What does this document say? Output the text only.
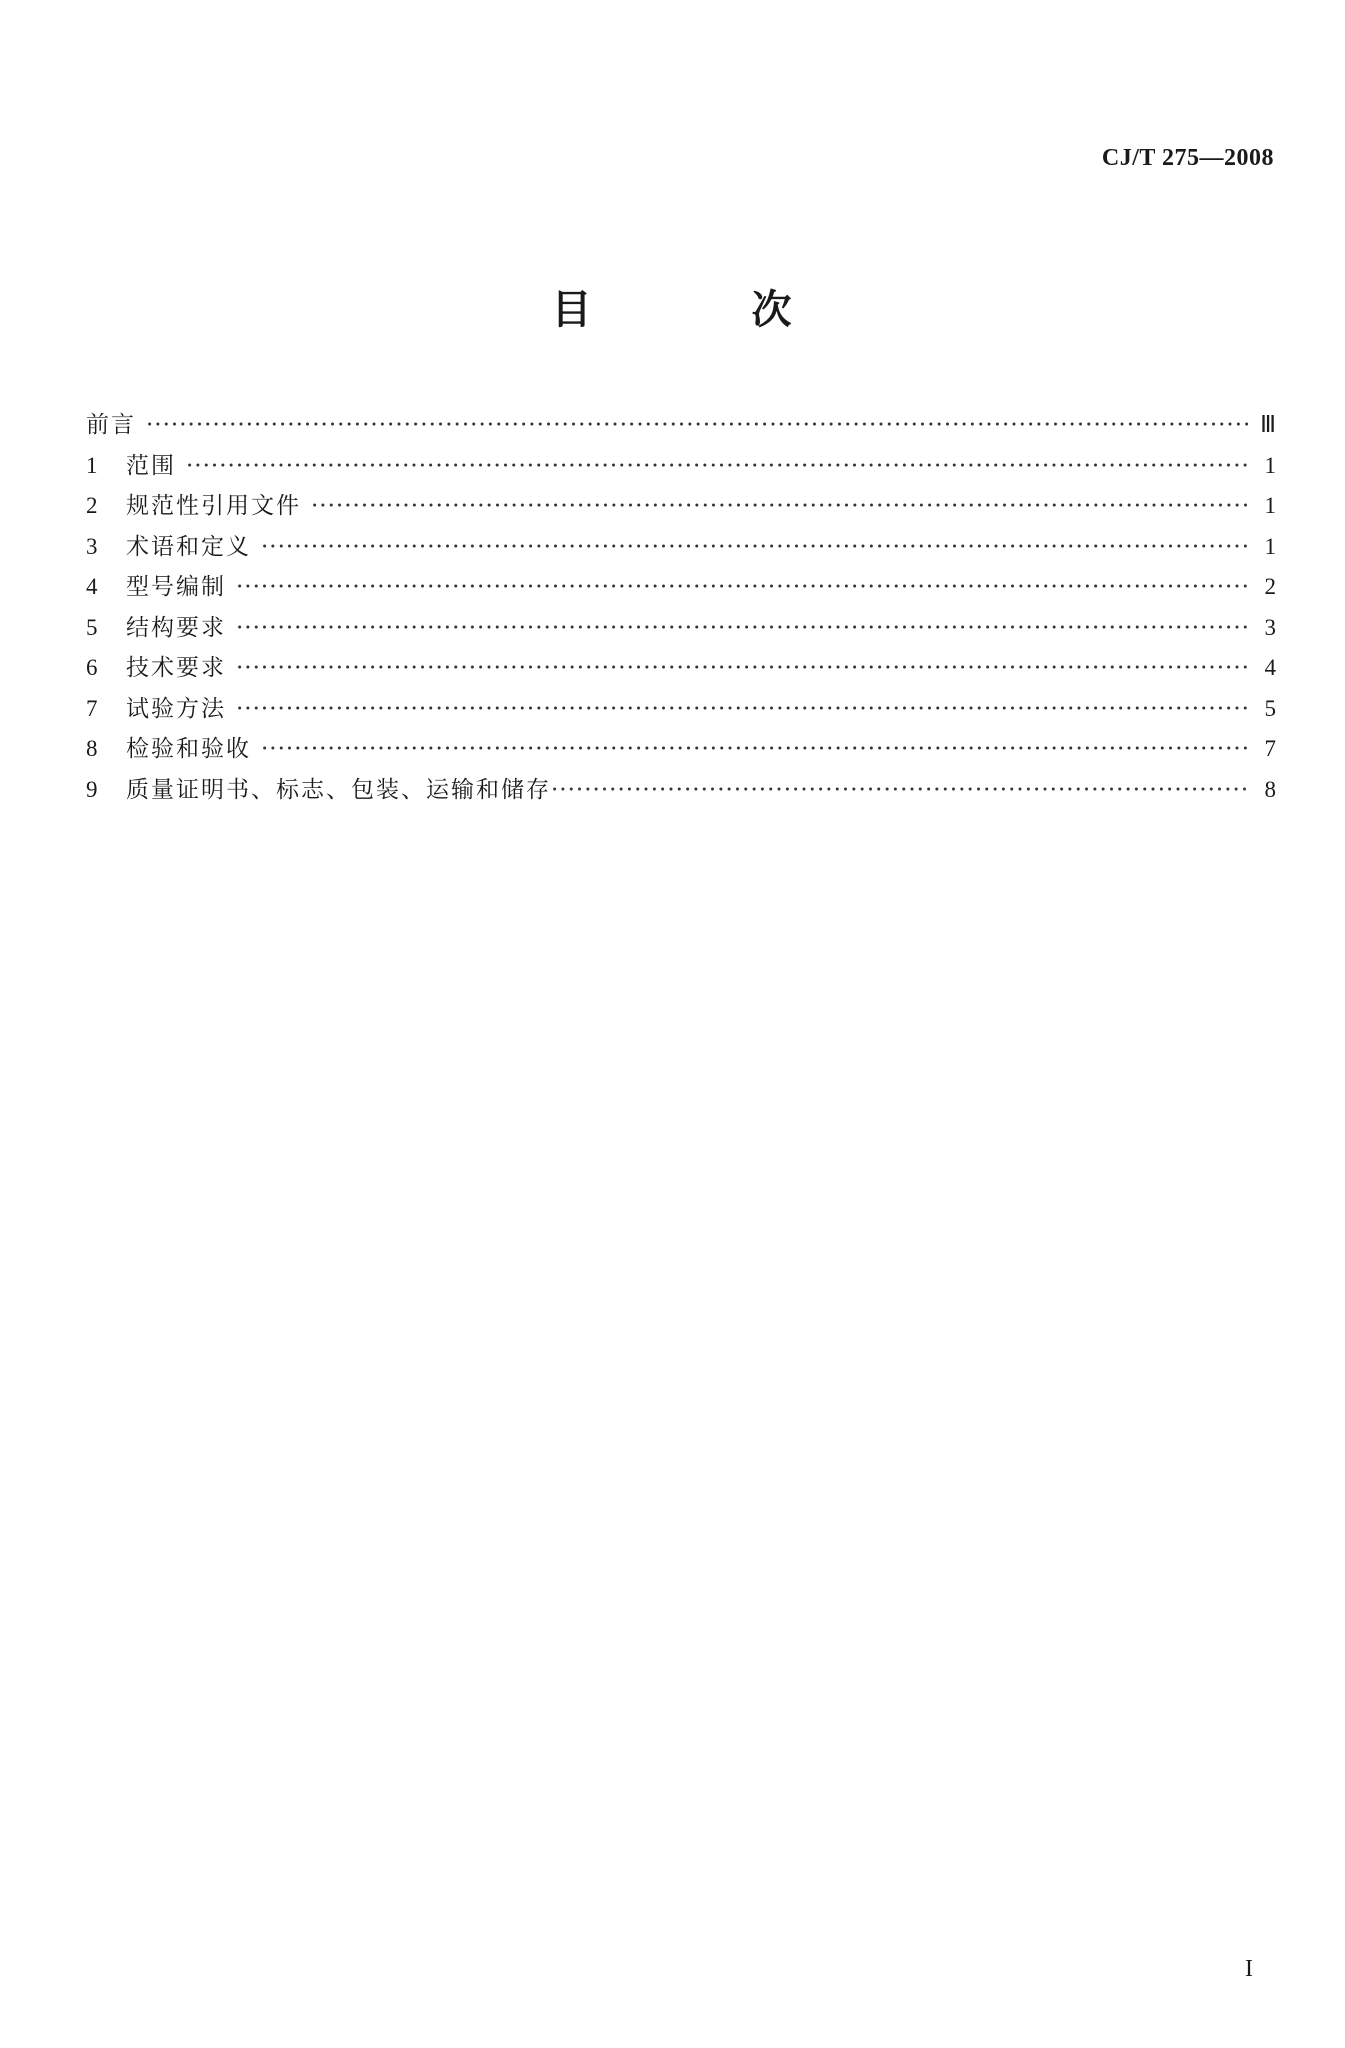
CJ/T 275—2008
目　次
前言 ·····	Ⅲ
1	范围 ·····	1
2	规范性引用文件 ·····	1
3	术语和定义 ·····	1
4	型号编制 ·····	2
5	结构要求 ·····	3
6	技术要求 ·····	4
7	试验方法 ·····	5
8	检验和验收 ·····	7
9	质量证明书、标志、包装、运输和储存 ·····	8
I
